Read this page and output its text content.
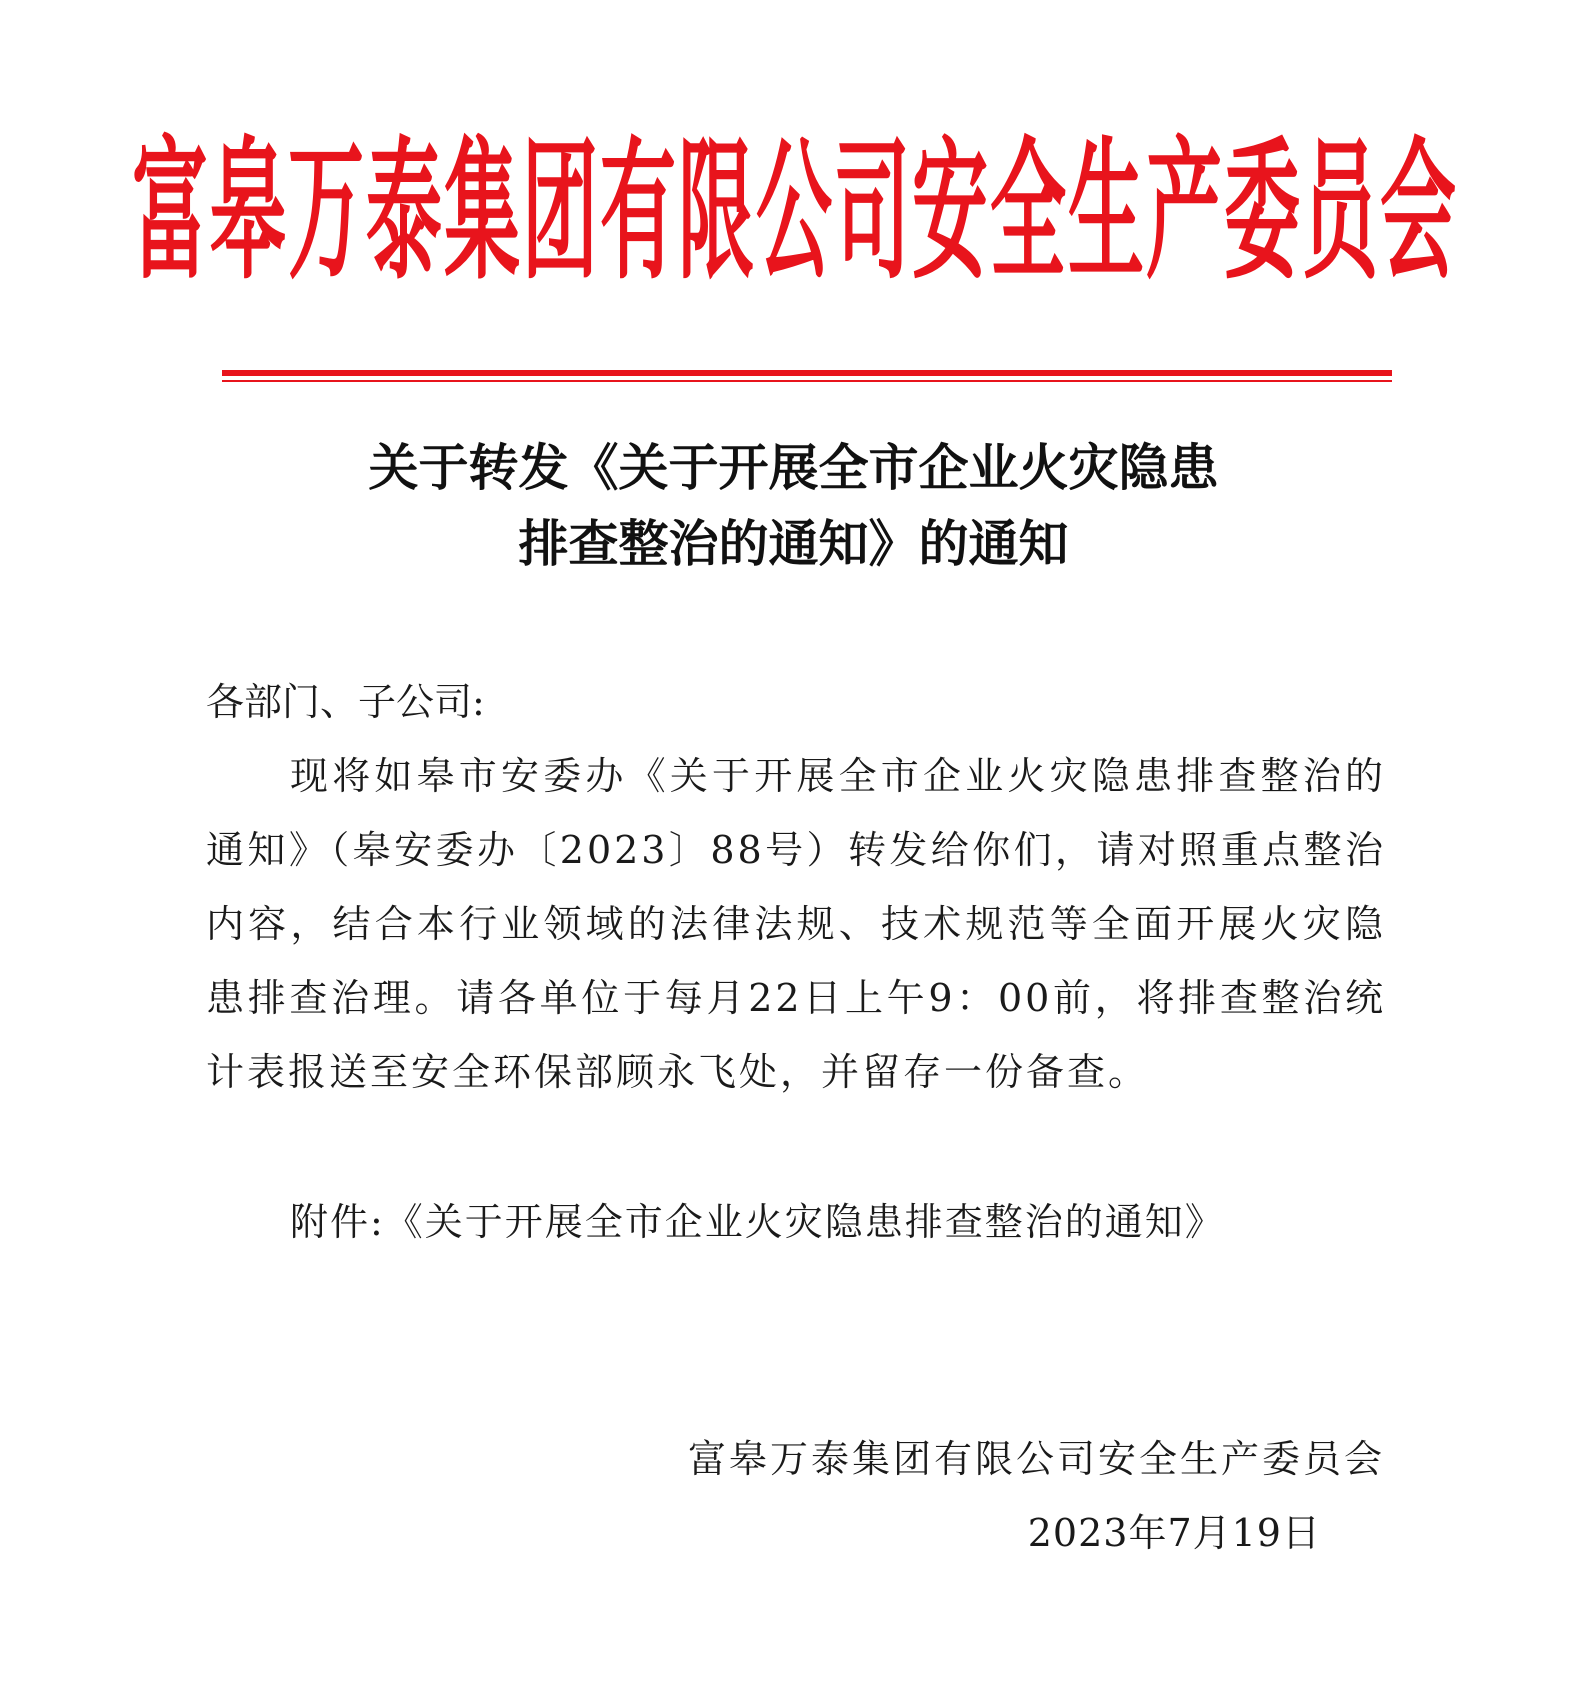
富皋万泰集团有限公司安全生产委员会
关于转发《关于开展全市企业火灾隐患
排查整治的通知》的通知
各部门、子公司:

现将如皋市安委办《关于开展全市企业火灾隐患排查整治的通知》（皋安委办〔2023〕88号）转发给你们，请对照重点整治内容，结合本行业领域的法律法规、技术规范等全面开展火灾隐患排查治理。请各单位于每月22日上午9：00前，将排查整治统计表报送至安全环保部顾永飞处，并留存一份备查。

附件:《关于开展全市企业火灾隐患排查整治的通知》
富皋万泰集团有限公司安全生产委员会
2023年7月19日
